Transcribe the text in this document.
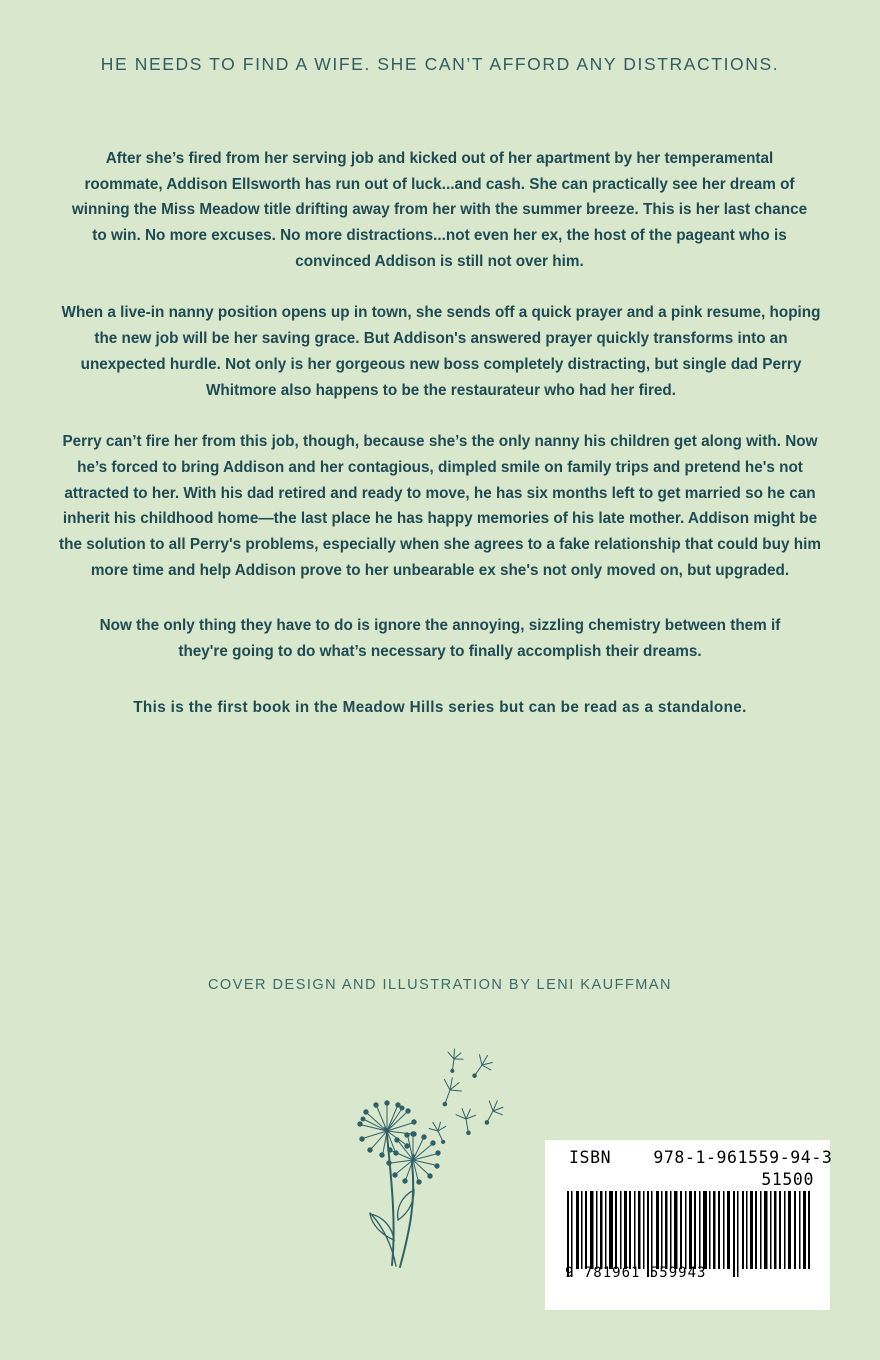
HE NEEDS TO FIND A WIFE. SHE CAN’T AFFORD ANY DISTRACTIONS.

After she’s fired from her serving job and kicked out of her apartment by her temperamental roommate, Addison Ellsworth has run out of luck...and cash. She can practically see her dream of winning the Miss Meadow title drifting away from her with the summer breeze. This is her last chance to win. No more excuses. No more distractions...not even her ex, the host of the pageant who is convinced Addison is still not over him.

When a live-in nanny position opens up in town, she sends off a quick prayer and a pink resume, hoping the new job will be her saving grace. But Addison's answered prayer quickly transforms into an unexpected hurdle. Not only is her gorgeous new boss completely distracting, but single dad Perry Whitmore also happens to be the restaurateur who had her fired.

Perry can’t fire her from this job, though, because she’s the only nanny his children get along with. Now he’s forced to bring Addison and her contagious, dimpled smile on family trips and pretend he's not attracted to her. With his dad retired and ready to move, he has six months left to get married so he can inherit his childhood home—the last place he has happy memories of his late mother. Addison might be the solution to all Perry's problems, especially when she agrees to a fake relationship that could buy him more time and help Addison prove to her unbearable ex she's not only moved on, but upgraded.

Now the only thing they have to do is ignore the annoying, sizzling chemistry between them if they're going to do what’s necessary to finally accomplish their dreams.

This is the first book in the Meadow Hills series but can be read as a standalone.

COVER DESIGN AND ILLUSTRATION BY LENI KAUFFMAN
ISBN	978-1-961559-94-3
51500
9 781961 559943
